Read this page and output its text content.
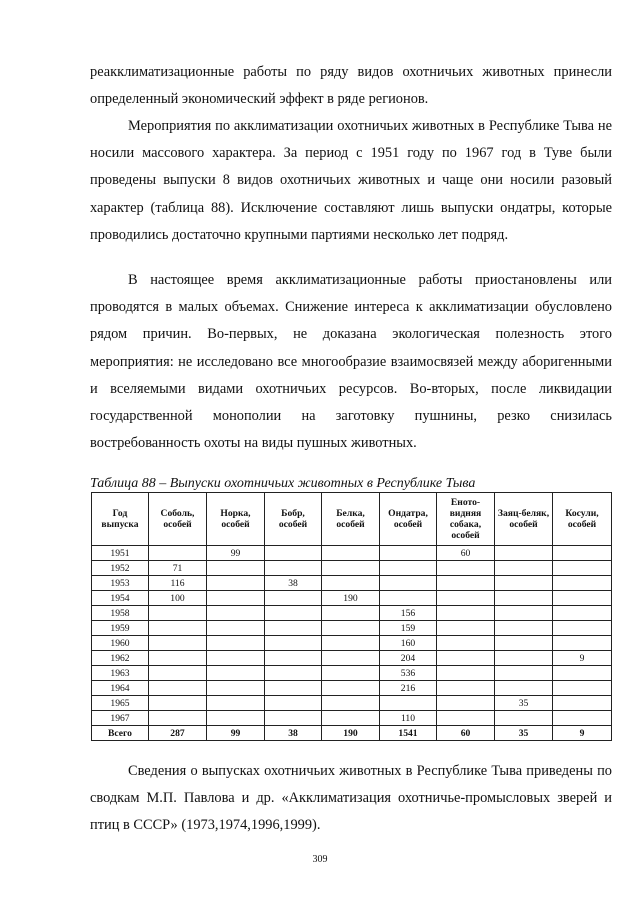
реакклиматизационные работы по ряду видов охотничьих животных принесли определенный экономический эффект в ряде регионов.

Мероприятия по акклиматизации охотничьих животных в Республике Тыва не носили массового характера. За период с 1951 году по 1967 год в Туве были проведены выпуски 8 видов охотничьих животных и чаще они носили разовый характер (таблица 88). Исключение составляют лишь выпуски ондатры, которые проводились достаточно крупными партиями несколько лет подряд.

В настоящее время акклиматизационные работы приостановлены или проводятся в малых объемах. Снижение интереса к акклиматизации обусловлено рядом причин. Во-первых, не доказана экологическая полезность этого мероприятия: не исследовано все многообразие взаимосвязей между аборигенными и вселяемыми видами охотничьих ресурсов. Во-вторых, после ликвидации государственной монополии на заготовку пушнины, резко снизилась востребованность охоты на виды пушных животных.

Таблица 88 – Выпуски охотничьих животных в Республике Тыва
Год выпуска	Соболь, особей	Норка, особей	Бобр, особей	Белка, особей	Ондатра, особей	Еното-видняя собака, особей	Заяц-беляк, особей	Косули, особей
1951		99				60		
1952	71							
1953	116		38					
1954	100			190				
1958					156			
1959					159			
1960					160			
1962					204			9
1963					536			
1964					216			
1965							35	
1967					110			
Всего	287	99	38	190	1541	60	35	9

Сведения о выпусках охотничьих животных в Республике Тыва приведены по сводкам М.П. Павлова и др. «Акклиматизация охотничье-промысловых зверей и птиц в СССР» (1973,1974,1996,1999).

309
